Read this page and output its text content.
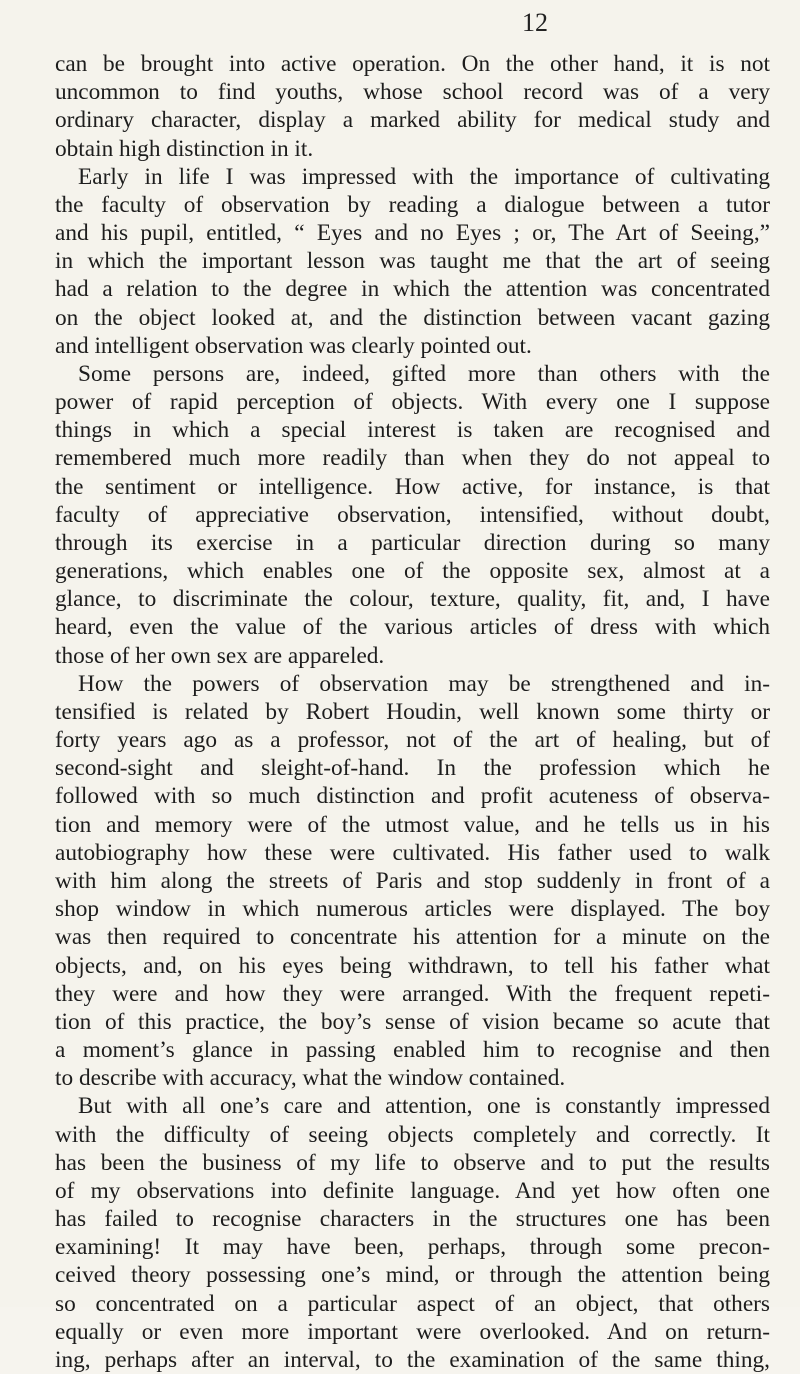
12
can be brought into active operation. On the other hand, it is not
uncommon to find youths, whose school record was of a very
ordinary character, display a marked ability for medical study and
obtain high distinction in it.
Early in life I was impressed with the importance of cultivating
the faculty of observation by reading a dialogue between a tutor
and his pupil, entitled, “ Eyes and no Eyes ; or, The Art of Seeing,”
in which the important lesson was taught me that the art of seeing
had a relation to the degree in which the attention was concentrated
on the object looked at, and the distinction between vacant gazing
and intelligent observation was clearly pointed out.
Some persons are, indeed, gifted more than others with the
power of rapid perception of objects. With every one I suppose
things in which a special interest is taken are recognised and
remembered much more readily than when they do not appeal to
the sentiment or intelligence. How active, for instance, is that
faculty of appreciative observation, intensified, without doubt,
through its exercise in a particular direction during so many
generations, which enables one of the opposite sex, almost at a
glance, to discriminate the colour, texture, quality, fit, and, I have
heard, even the value of the various articles of dress with which
those of her own sex are appareled.
How the powers of observation may be strengthened and in-
tensified is related by Robert Houdin, well known some thirty or
forty years ago as a professor, not of the art of healing, but of
second-sight and sleight-of-hand. In the profession which he
followed with so much distinction and profit acuteness of observa-
tion and memory were of the utmost value, and he tells us in his
autobiography how these were cultivated. His father used to walk
with him along the streets of Paris and stop suddenly in front of a
shop window in which numerous articles were displayed. The boy
was then required to concentrate his attention for a minute on the
objects, and, on his eyes being withdrawn, to tell his father what
they were and how they were arranged. With the frequent repeti-
tion of this practice, the boy’s sense of vision became so acute that
a moment’s glance in passing enabled him to recognise and then
to describe with accuracy, what the window contained.
But with all one’s care and attention, one is constantly impressed
with the difficulty of seeing objects completely and correctly. It
has been the business of my life to observe and to put the results
of my observations into definite language. And yet how often one
has failed to recognise characters in the structures one has been
examining! It may have been, perhaps, through some precon-
ceived theory possessing one’s mind, or through the attention being
so concentrated on a particular aspect of an object, that others
equally or even more important were overlooked. And on return-
ing, perhaps after an interval, to the examination of the same thing,
